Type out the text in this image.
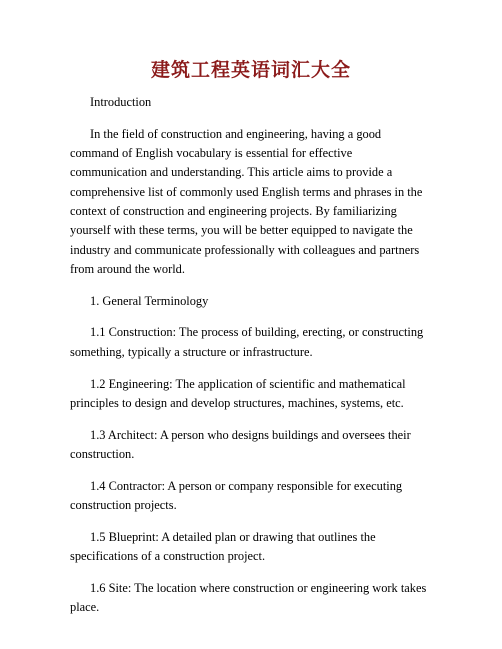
建筑工程英语词汇大全

Introduction

In the field of construction and engineering, having a good command of English vocabulary is essential for effective communication and understanding. This article aims to provide a comprehensive list of commonly used English terms and phrases in the context of construction and engineering projects. By familiarizing yourself with these terms, you will be better equipped to navigate the industry and communicate professionally with colleagues and partners from around the world.

1. General Terminology

1.1 Construction: The process of building, erecting, or constructing something, typically a structure or infrastructure.

1.2 Engineering: The application of scientific and mathematical principles to design and develop structures, machines, systems, etc.

1.3 Architect: A person who designs buildings and oversees their construction.

1.4 Contractor: A person or company responsible for executing construction projects.

1.5 Blueprint: A detailed plan or drawing that outlines the specifications of a construction project.

1.6 Site: The location where construction or engineering work takes place.
